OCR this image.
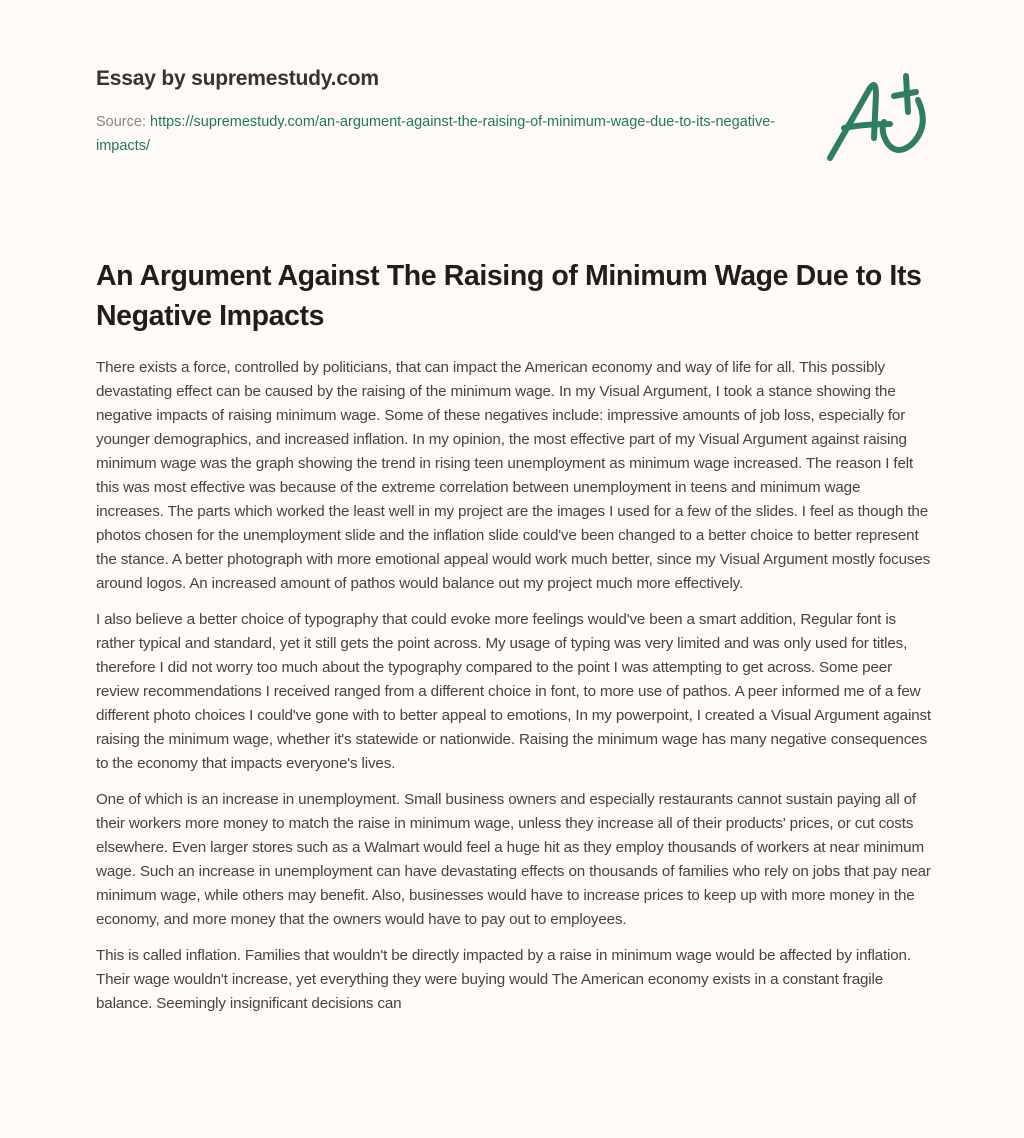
Essay by supremestudy.com
Source: https://supremestudy.com/an-argument-against-the-raising-of-minimum-wage-due-to-its-negative-impacts/
An Argument Against The Raising of Minimum Wage Due to Its Negative Impacts

There exists a force, controlled by politicians, that can impact the American economy and way of life for all. This possibly devastating effect can be caused by the raising of the minimum wage. In my Visual Argument, I took a stance showing the negative impacts of raising minimum wage. Some of these negatives include: impressive amounts of job loss, especially for younger demographics, and increased inflation. In my opinion, the most effective part of my Visual Argument against raising minimum wage was the graph showing the trend in rising teen unemployment as minimum wage increased. The reason I felt this was most effective was because of the extreme correlation between unemployment in teens and minimum wage increases. The parts which worked the least well in my project are the images I used for a few of the slides. I feel as though the photos chosen for the unemployment slide and the inflation slide could've been changed to a better choice to better represent the stance. A better photograph with more emotional appeal would work much better, since my Visual Argument mostly focuses around logos. An increased amount of pathos would balance out my project much more effectively.

I also believe a better choice of typography that could evoke more feelings would've been a smart addition, Regular font is rather typical and standard, yet it still gets the point across. My usage of typing was very limited and was only used for titles, therefore I did not worry too much about the typography compared to the point I was attempting to get across. Some peer review recommendations I received ranged from a different choice in font, to more use of pathos. A peer informed me of a few different photo choices I could've gone with to better appeal to emotions, In my powerpoint, I created a Visual Argument against raising the minimum wage, whether it's statewide or nationwide. Raising the minimum wage has many negative consequences to the economy that impacts everyone's lives.

One of which is an increase in unemployment. Small business owners and especially restaurants cannot sustain paying all of their workers more money to match the raise in minimum wage, unless they increase all of their products' prices, or cut costs elsewhere. Even larger stores such as a Walmart would feel a huge hit as they employ thousands of workers at near minimum wage. Such an increase in unemployment can have devastating effects on thousands of families who rely on jobs that pay near minimum wage, while others may benefit. Also, businesses would have to increase prices to keep up with more money in the economy, and more money that the owners would have to pay out to employees.

This is called inflation. Families that wouldn't be directly impacted by a raise in minimum wage would be affected by inflation. Their wage wouldn't increase, yet everything they were buying would The American economy exists in a constant fragile balance. Seemingly insignificant decisions can
